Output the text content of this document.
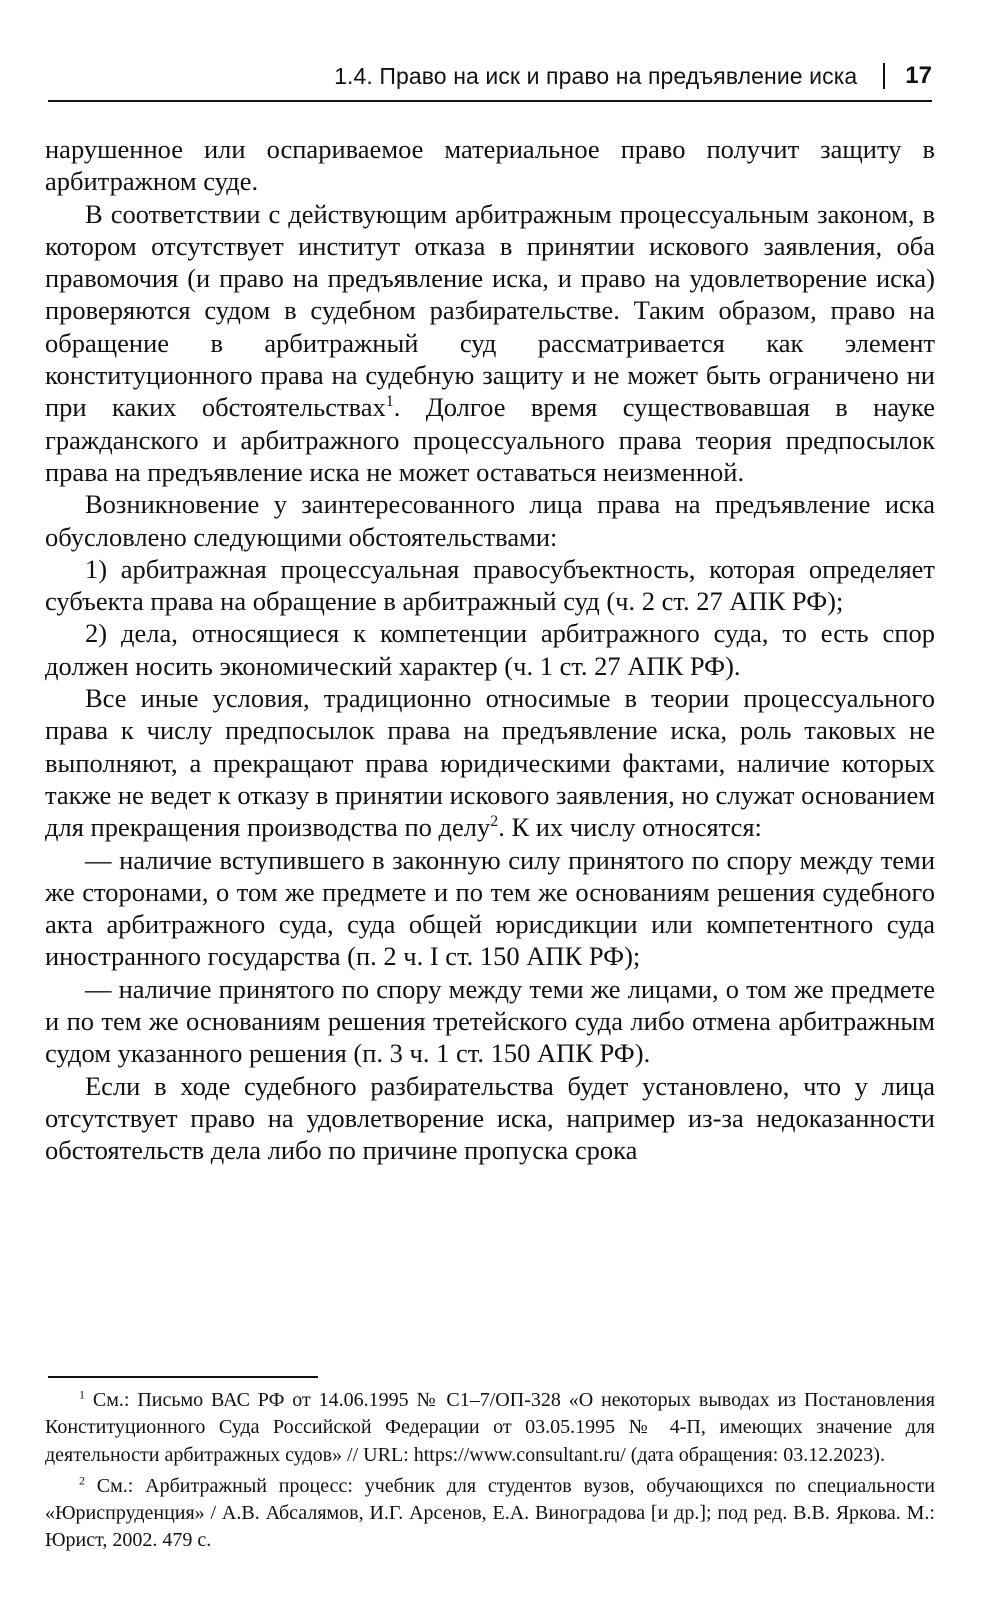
1.4. Право на иск и право на предъявление иска 17

нарушенное или оспариваемое материальное право получит защиту в арбитражном суде.

В соответствии с действующим арбитражным процессуальным законом, в котором отсутствует институт отказа в принятии искового заявления, оба правомочия (и право на предъявление иска, и право на удовлетворение иска) проверяются судом в судебном разбирательстве. Таким образом, право на обращение в арбитражный суд рассматривается как элемент конституционного права на судебную защиту и не может быть ограничено ни при каких обстоятельствах$^1$. Долгое время существовавшая в науке гражданского и арбитражного процессуального права теория предпосылок права на предъявление иска не может оставаться неизменной.

Возникновение у заинтересованного лица права на предъявление иска обусловлено следующими обстоятельствами:

1) арбитражная процессуальная правосубъектность, которая определяет субъекта права на обращение в арбитражный суд (ч. 2 ст. 27 АПК РФ);

2) дела, относящиеся к компетенции арбитражного суда, то есть спор должен носить экономический характер (ч. 1 ст. 27 АПК РФ).

Все иные условия, традиционно относимые в теории процессуального права к числу предпосылок права на предъявление иска, роль таковых не выполняют, а прекращают права юридическими фактами, наличие которых также не ведет к отказу в принятии искового заявления, но служат основанием для прекращения производства по делу$^2$. К их числу относятся:

— наличие вступившего в законную силу принятого по спору между теми же сторонами, о том же предмете и по тем же основаниям решения судебного акта арбитражного суда, суда общей юрисдикции или компетентного суда иностранного государства (п. 2 ч. I ст. 150 АПК РФ);

— наличие принятого по спору между теми же лицами, о том же предмете и по тем же основаниям решения третейского суда либо отмена арбитражным судом указанного решения (п. 3 ч. 1 ст. 150 АПК РФ).

Если в ходе судебного разбирательства будет установлено, что у лица отсутствует право на удовлетворение иска, например из-за недоказанности обстоятельств дела либо по причине пропуска срока

$^1$ См.: Письмо ВАС РФ от 14.06.1995 № С1–7/ОП-328 «О некоторых выводах из Постановления Конституционного Суда Российской Федерации от 03.05.1995 № 4-П, имеющих значение для деятельности арбитражных судов» // URL: https://www.consultant.ru/ (дата обращения: 03.12.2023).

$^2$ См.: Арбитражный процесс: учебник для студентов вузов, обучающихся по специальности «Юриспруденция» / А.В. Абсалямов, И.Г. Арсенов, Е.А. Виноградова [и др.]; под ред. В.В. Яркова. М.: Юрист, 2002. 479 с.
